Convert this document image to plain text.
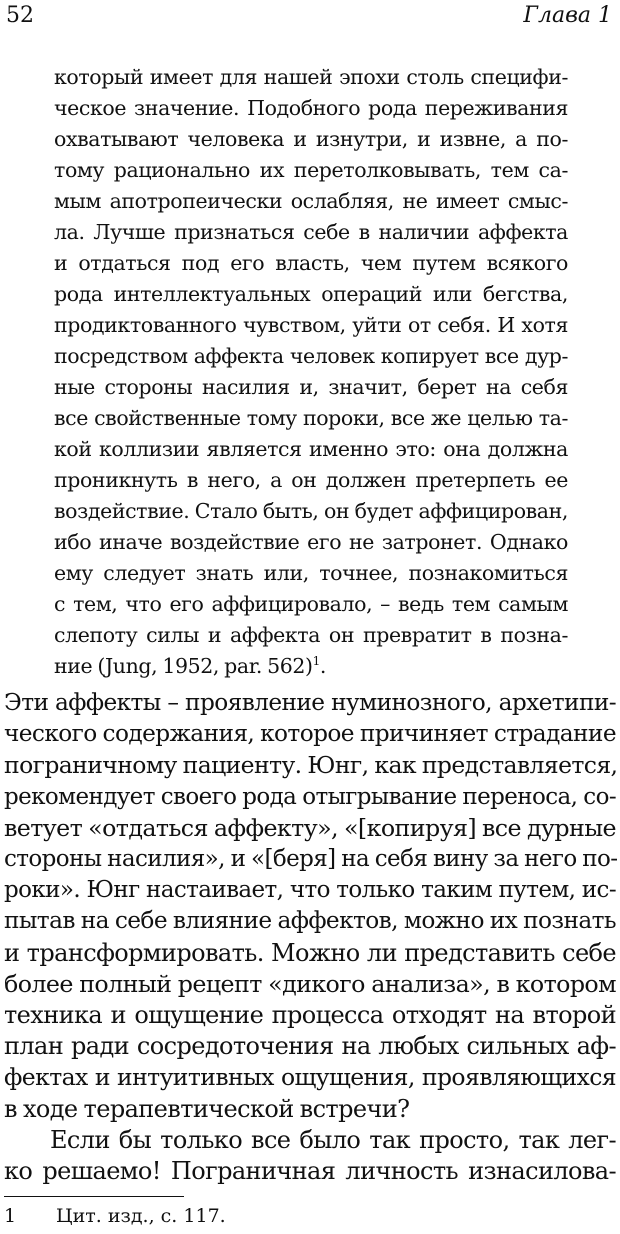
52	Глава 1
который имеет для нашей эпохи столь специфи-
ческое значение. Подобного рода переживания
охватывают человека и изнутри, и извне, а по-
тому рационально их перетолковывать, тем са-
мым апотропеически ослабляя, не имеет смыс-
ла. Лучше признаться себе в наличии аффекта
и отдаться под его власть, чем путем всякого
рода интеллектуальных операций или бегства,
продиктованного чувством, уйти от себя. И хотя
посредством аффекта человек копирует все дур-
ные стороны насилия и, значит, берет на себя
все свойственные тому пороки, все же целью та-
кой коллизии является именно это: она должна
проникнуть в него, а он должен претерпеть ее
воздействие. Стало быть, он будет аффицирован,
ибо иначе воздействие его не затронет. Однако
ему следует знать или, точнее, познакомиться
с тем, что его аффицировало, – ведь тем самым
слепоту силы и аффекта он превратит в позна-
ние (Jung, 1952, par. 562)$^1$.
Эти аффекты – проявление нуминозного, архетипи-
ческого содержания, которое причиняет страдание
пограничному пациенту. Юнг, как представляется,
рекомендует своего рода отыгрывание переноса, со-
ветует «отдаться аффекту», «[копируя] все дурные
стороны насилия», и «[беря] на себя вину за него по-
роки». Юнг настаивает, что только таким путем, ис-
пытав на себе влияние аффектов, можно их познать
и трансформировать. Можно ли представить себе
более полный рецепт «дикого анализа», в котором
техника и ощущение процесса отходят на второй
план ради сосредоточения на любых сильных аф-
фектах и интуитивных ощущения, проявляющихся
в ходе терапевтической встречи?
Если бы только все было так просто, так лег-
ко решаемо! Пограничная личность изнасилова-
1	Цит. изд., с. 117.
